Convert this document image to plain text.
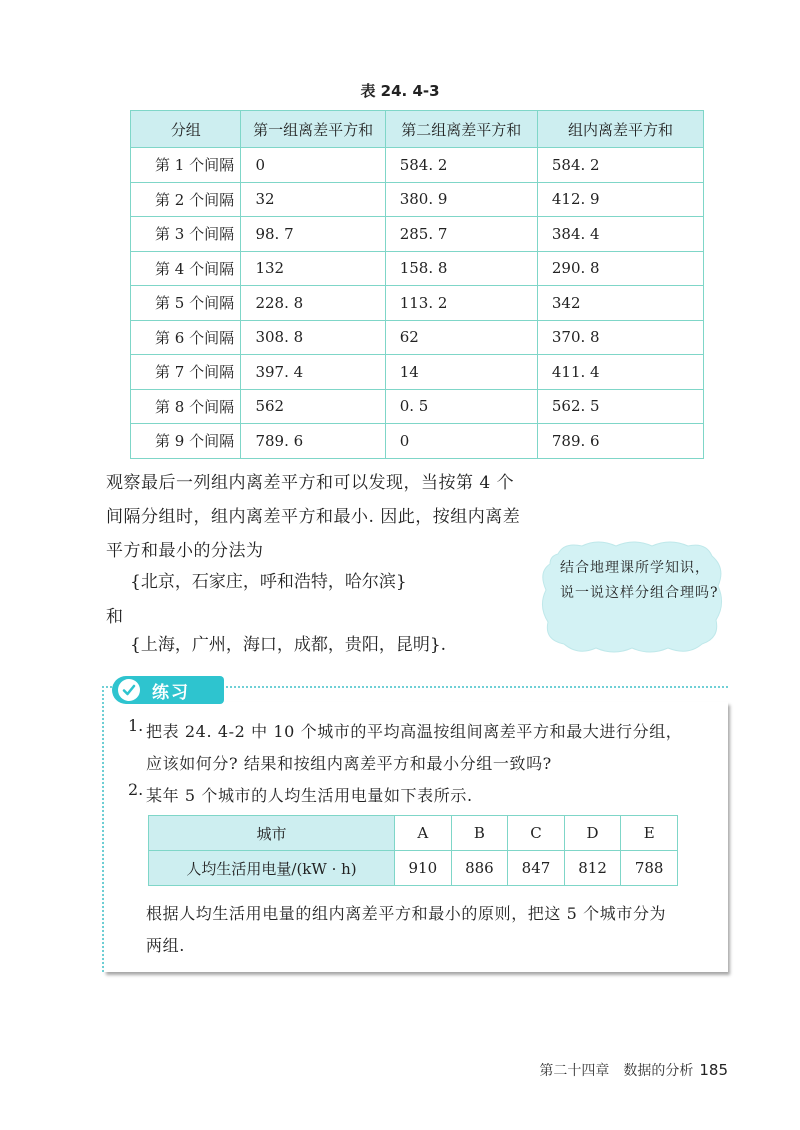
表 24. 4-3
分组	第一组离差平方和	第二组离差平方和	组内离差平方和
第 1 个间隔	0	584. 2	584. 2
第 2 个间隔	32	380. 9	412. 9
第 3 个间隔	98. 7	285. 7	384. 4
第 4 个间隔	132	158. 8	290. 8
第 5 个间隔	228. 8	113. 2	342
第 6 个间隔	308. 8	62	370. 8
第 7 个间隔	397. 4	14	411. 4
第 8 个间隔	562	0. 5	562. 5
第 9 个间隔	789. 6	0	789. 6
观察最后一列组内离差平方和可以发现，当按第 4 个间隔分组时，组内离差平方和最小. 因此，按组内离差平方和最小的分法为
{北京，石家庄，呼和浩特，哈尔滨}
和
{上海，广州，海口，成都，贵阳，昆明}.
结合地理课所学知识，说一说这样分组合理吗?
练习
1. 把表 24. 4-2 中 10 个城市的平均高温按组间离差平方和最大进行分组，
应该如何分? 结果和按组内离差平方和最小分组一致吗?
2. 某年 5 个城市的人均生活用电量如下表所示.
城市	A	B	C	D	E
人均生活用电量/(kW · h)	910	886	847	812	788
根据人均生活用电量的组内离差平方和最小的原则，把这 5 个城市分为
两组.
第二十四章　数据的分析 185
